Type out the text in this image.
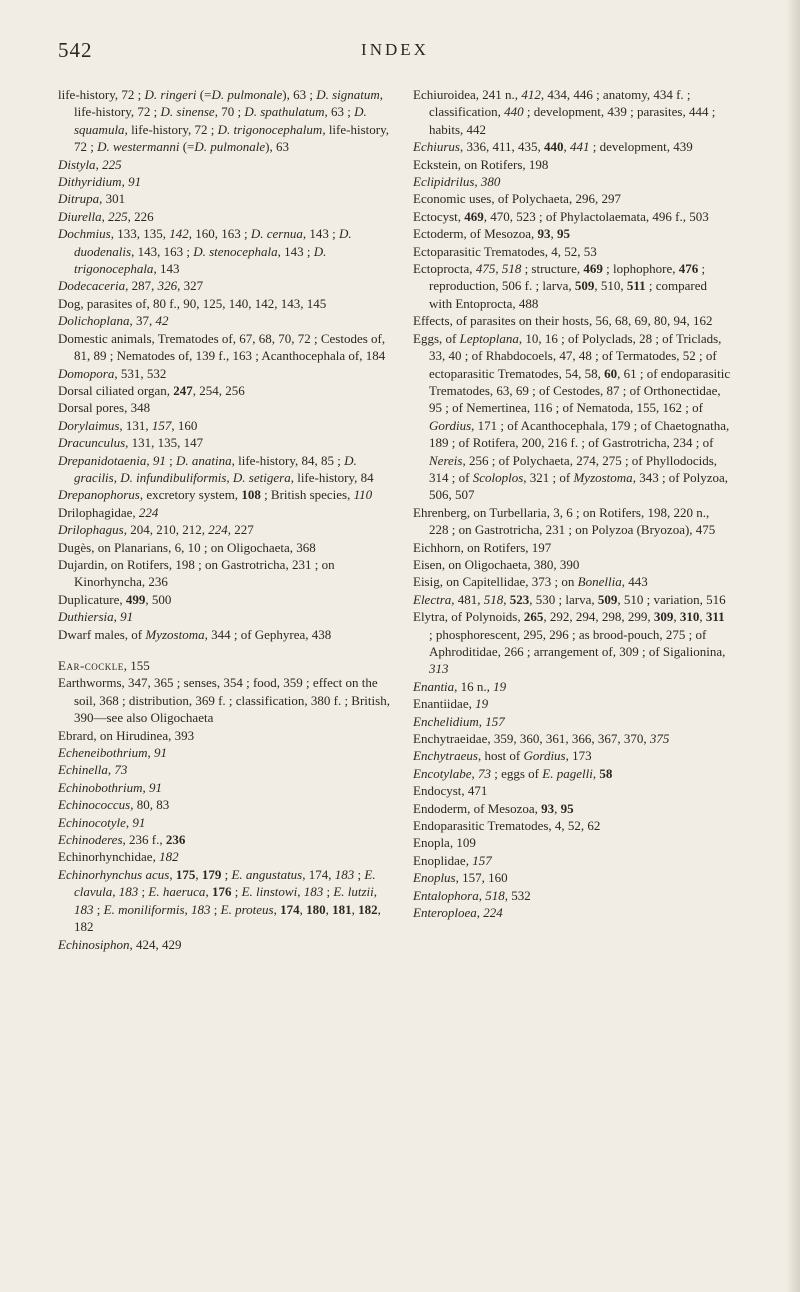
542	INDEX

life-history, 72 ; D. ringeri (=D. pulmonale), 63 ; D. signatum, life-history, 72 ; D. sinense, 70 ; D. spathulatum, 63 ; D. squamula, life-history, 72 ; D. trigonocephalum, life-history, 72 ; D. westermanni (=D. pulmonale), 63

Distyla, 225

Dithyridium, 91

Ditrupa, 301

Diurella, 225, 226

Dochmius, 133, 135, 142, 160, 163 ; D. cernua, 143 ; D. duodenalis, 143, 163 ; D. stenocephala, 143 ; D. trigonocephala, 143

Dodecaceria, 287, 326, 327

Dog, parasites of, 80 f., 90, 125, 140, 142, 143, 145

Dolichoplana, 37, 42

Domestic animals, Trematodes of, 67, 68, 70, 72 ; Cestodes of, 81, 89 ; Nematodes of, 139 f., 163 ; Acanthocephala of, 184

Domopora, 531, 532

Dorsal ciliated organ, 247, 254, 256

Dorsal pores, 348

Dorylaimus, 131, 157, 160

Dracunculus, 131, 135, 147

Drepanidotaenia, 91 ; D. anatina, life-history, 84, 85 ; D. gracilis, D. infundibuliformis, D. setigera, life-history, 84

Drepanophorus, excretory system, 108 ; British species, 110

Drilophagidae, 224

Drilophagus, 204, 210, 212, 224, 227

Dugès, on Planarians, 6, 10 ; on Oligochaeta, 368

Dujardin, on Rotifers, 198 ; on Gastrotricha, 231 ; on Kinorhyncha, 236

Duplicature, 499, 500

Duthiersia, 91

Dwarf males, of Myzostoma, 344 ; of Gephyrea, 438

Ear-cockle, 155

Earthworms, 347, 365 ; senses, 354 ; food, 359 ; effect on the soil, 368 ; distribution, 369 f. ; classification, 380 f. ; British, 390—see also Oligochaeta

Ebrard, on Hirudinea, 393

Echeneibothrium, 91

Echinella, 73

Echinobothrium, 91

Echinococcus, 80, 83

Echinocotyle, 91

Echinoderes, 236 f., 236

Echinorhynchidae, 182

Echinorhynchus acus, 175, 179 ; E. angustatus, 174, 183 ; E. clavula, 183 ; E. haeruca, 176 ; E. linstowi, 183 ; E. lutzii, 183 ; E. moniliformis, 183 ; E. proteus, 174, 180, 181, 182, 182

Echinosiphon, 424, 429

Echiuroidea, 241 n., 412, 434, 446 ; anatomy, 434 f. ; classification, 440 ; development, 439 ; parasites, 444 ; habits, 442

Echiurus, 336, 411, 435, 440, 441 ; development, 439

Eckstein, on Rotifers, 198

Eclipidrilus, 380

Economic uses, of Polychaeta, 296, 297

Ectocyst, 469, 470, 523 ; of Phylactolaemata, 496 f., 503

Ectoderm, of Mesozoa, 93, 95

Ectoparasitic Trematodes, 4, 52, 53

Ectoprocta, 475, 518 ; structure, 469 ; lophophore, 476 ; reproduction, 506 f. ; larva, 509, 510, 511 ; compared with Entoprocta, 488

Effects, of parasites on their hosts, 56, 68, 69, 80, 94, 162

Eggs, of Leptoplana, 10, 16 ; of Polyclads, 28 ; of Triclads, 33, 40 ; of Rhabdocoels, 47, 48 ; of Termatodes, 52 ; of ectoparasitic Trematodes, 54, 58, 60, 61 ; of endoparasitic Trematodes, 63, 69 ; of Cestodes, 87 ; of Orthonectidae, 95 ; of Nemertinea, 116 ; of Nematoda, 155, 162 ; of Gordius, 171 ; of Acanthocephala, 179 ; of Chaetognatha, 189 ; of Rotifera, 200, 216 f. ; of Gastrotricha, 234 ; of Nereis, 256 ; of Polychaeta, 274, 275 ; of Phyllodocids, 314 ; of Scoloplos, 321 ; of Myzostoma, 343 ; of Polyzoa, 506, 507

Ehrenberg, on Turbellaria, 3, 6 ; on Rotifers, 198, 220 n., 228 ; on Gastrotricha, 231 ; on Polyzoa (Bryozoa), 475

Eichhorn, on Rotifers, 197

Eisen, on Oligochaeta, 380, 390

Eisig, on Capitellidae, 373 ; on Bonellia, 443

Electra, 481, 518, 523, 530 ; larva, 509, 510 ; variation, 516

Elytra, of Polynoids, 265, 292, 294, 298, 299, 309, 310, 311 ; phosphorescent, 295, 296 ; as brood-pouch, 275 ; of Aphroditidae, 266 ; arrangement of, 309 ; of Sigalionina, 313

Enantia, 16 n., 19

Enantiidae, 19

Enchelidium, 157

Enchytraeidae, 359, 360, 361, 366, 367, 370, 375

Enchytraeus, host of Gordius, 173

Encotylabe, 73 ; eggs of E. pagelli, 58

Endocyst, 471

Endoderm, of Mesozoa, 93, 95

Endoparasitic Trematodes, 4, 52, 62

Enopla, 109

Enoplidae, 157

Enoplus, 157, 160

Entalophora, 518, 532

Enteroploea, 224
